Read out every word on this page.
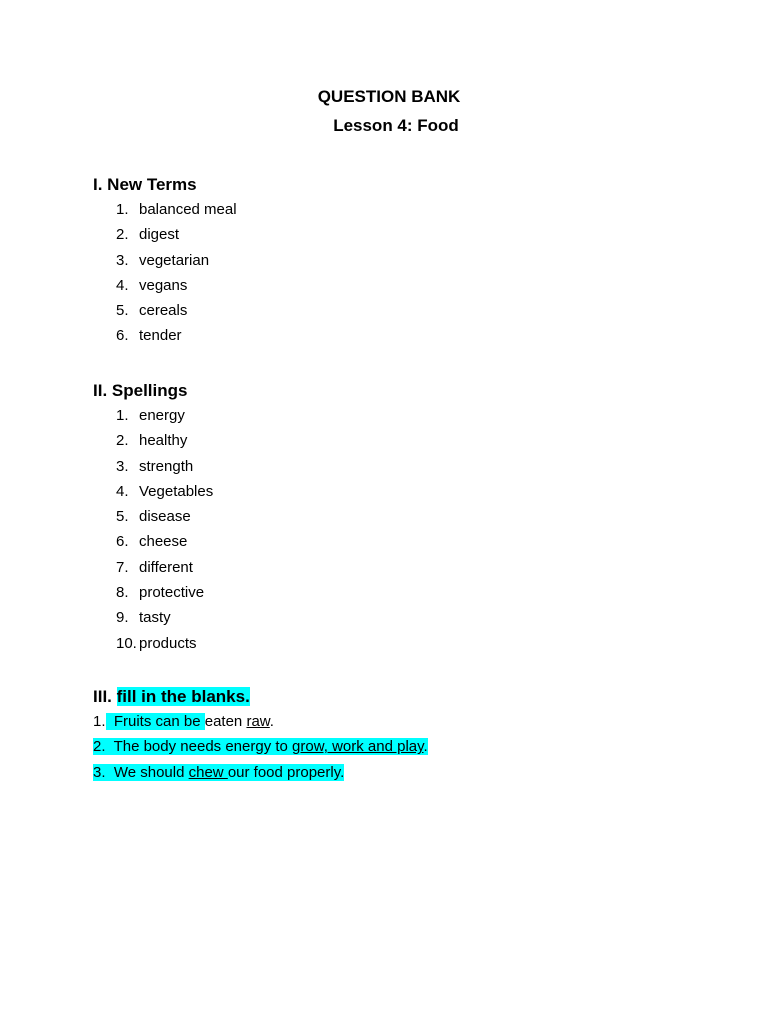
QUESTION BANK
Lesson 4: Food
I. New Terms
1. balanced meal
2. digest
3. vegetarian
4. vegans
5. cereals
6. tender
II. Spellings
1. energy
2. healthy
3. strength
4. Vegetables
5. disease
6. cheese
7. different
8. protective
9. tasty
10. products
III. fill in the blanks.
1.  Fruits can be eaten raw.
2.  The body needs energy to grow, work and play.
3.  We should chew our food properly.
